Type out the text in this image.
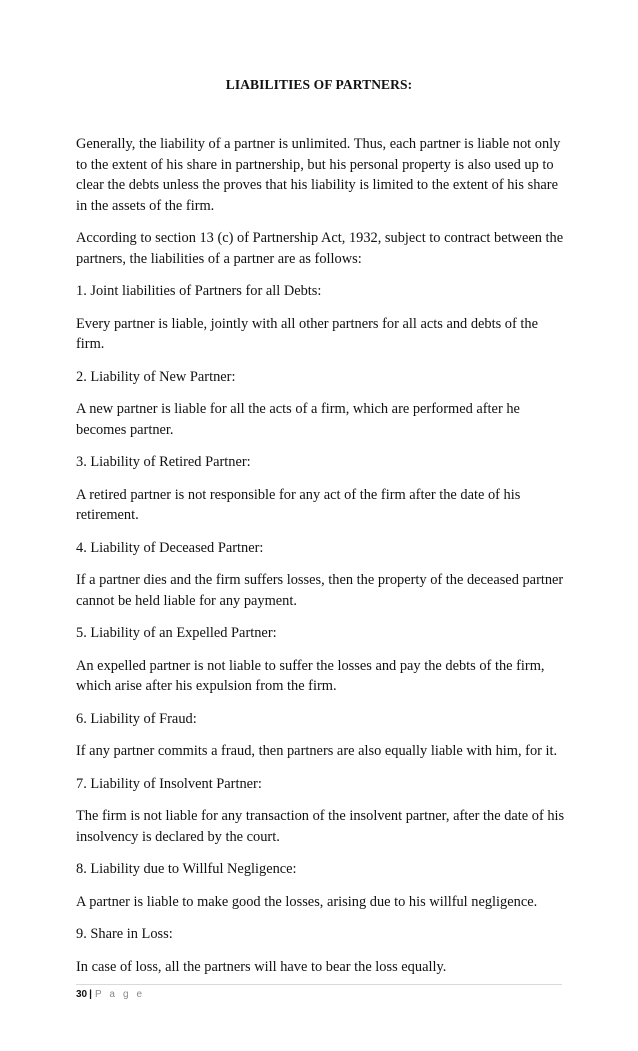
LIABILITIES OF PARTNERS:

Generally, the liability of a partner is unlimited. Thus, each partner is liable not only to the extent of his share in partnership, but his personal property is also used up to clear the debts unless the proves that his liability is limited to the extent of his share in the assets of the firm.

According to section 13 (c) of Partnership Act, 1932, subject to contract between the partners, the liabilities of a partner are as follows:

1. Joint liabilities of Partners for all Debts:

Every partner is liable, jointly with all other partners for all acts and debts of the firm.

2. Liability of New Partner:

A new partner is liable for all the acts of a firm, which are performed after he becomes partner.

3. Liability of Retired Partner:

A retired partner is not responsible for any act of the firm after the date of his retirement.

4. Liability of Deceased Partner:

If a partner dies and the firm suffers losses, then the property of the deceased partner cannot be held liable for any payment.

5. Liability of an Expelled Partner:

An expelled partner is not liable to suffer the losses and pay the debts of the firm, which arise after his expulsion from the firm.

6. Liability of Fraud:

If any partner commits a fraud, then partners are also equally liable with him, for it.

7. Liability of Insolvent Partner:

The firm is not liable for any transaction of the insolvent partner, after the date of his insolvency is declared by the court.

8. Liability due to Willful Negligence:

A partner is liable to make good the losses, arising due to his willful negligence.

9. Share in Loss:

In case of loss, all the partners will have to bear the loss equally.

30 | P a g e
